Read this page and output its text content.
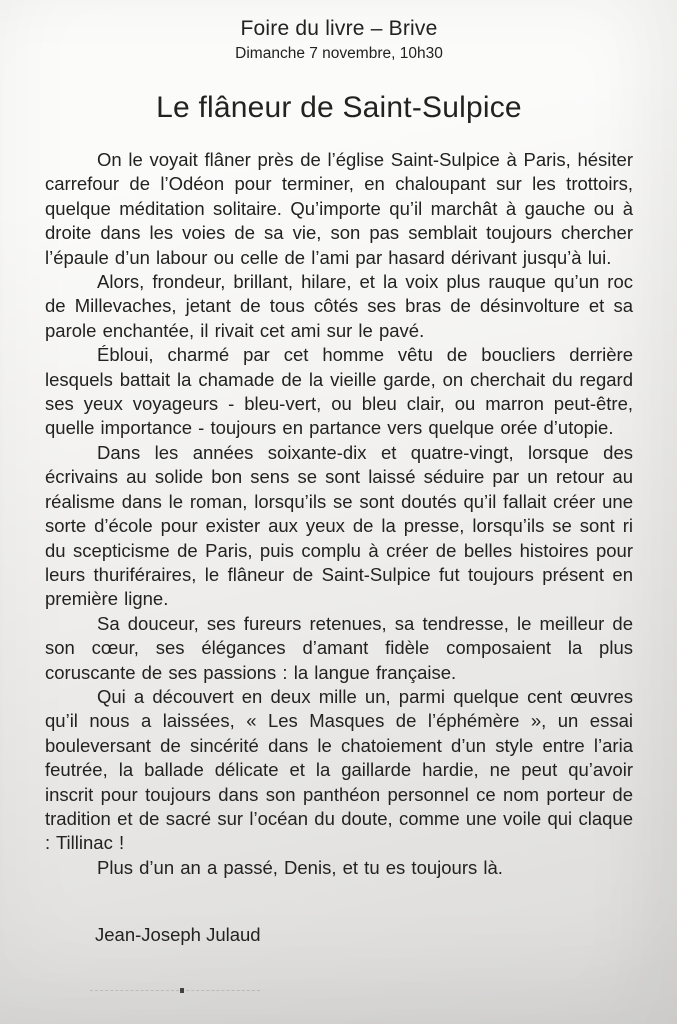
Foire du livre – Brive
Dimanche 7 novembre, 10h30
Le flâneur de Saint-Sulpice

On le voyait flâner près de l’église Saint-Sulpice à Paris, hésiter carrefour de l’Odéon pour terminer, en chaloupant sur les trottoirs, quelque méditation solitaire. Qu’importe qu’il marchât à gauche ou à droite dans les voies de sa vie, son pas semblait toujours chercher l’épaule d’un labour ou celle de l’ami par hasard dérivant jusqu’à lui.

Alors, frondeur, brillant, hilare, et la voix plus rauque qu’un roc de Millevaches, jetant de tous côtés ses bras de désinvolture et sa parole enchantée, il rivait cet ami sur le pavé.

Ébloui, charmé par cet homme vêtu de boucliers derrière lesquels battait la chamade de la vieille garde, on cherchait du regard ses yeux voyageurs - bleu-vert, ou bleu clair, ou marron peut-être, quelle importance - toujours en partance vers quelque orée d’utopie.

Dans les années soixante-dix et quatre-vingt, lorsque des écrivains au solide bon sens se sont laissé séduire par un retour au réalisme dans le roman, lorsqu’ils se sont doutés qu’il fallait créer une sorte d’école pour exister aux yeux de la presse, lorsqu’ils se sont ri du scepticisme de Paris, puis complu à créer de belles histoires pour leurs thuriféraires, le flâneur de Saint-Sulpice fut toujours présent en première ligne.

Sa douceur, ses fureurs retenues, sa tendresse, le meilleur de son cœur, ses élégances d’amant fidèle composaient la plus coruscante de ses passions : la langue française.

Qui a découvert en deux mille un, parmi quelque cent œuvres qu’il nous a laissées, « Les Masques de l’éphémère », un essai bouleversant de sincérité dans le chatoiement d’un style entre l’aria feutrée, la ballade délicate et la gaillarde hardie, ne peut qu’avoir inscrit pour toujours dans son panthéon personnel ce nom porteur de tradition et de sacré sur l’océan du doute, comme une voile qui claque : Tillinac !

Plus d’un an a passé, Denis, et tu es toujours là.

Jean-Joseph Julaud
